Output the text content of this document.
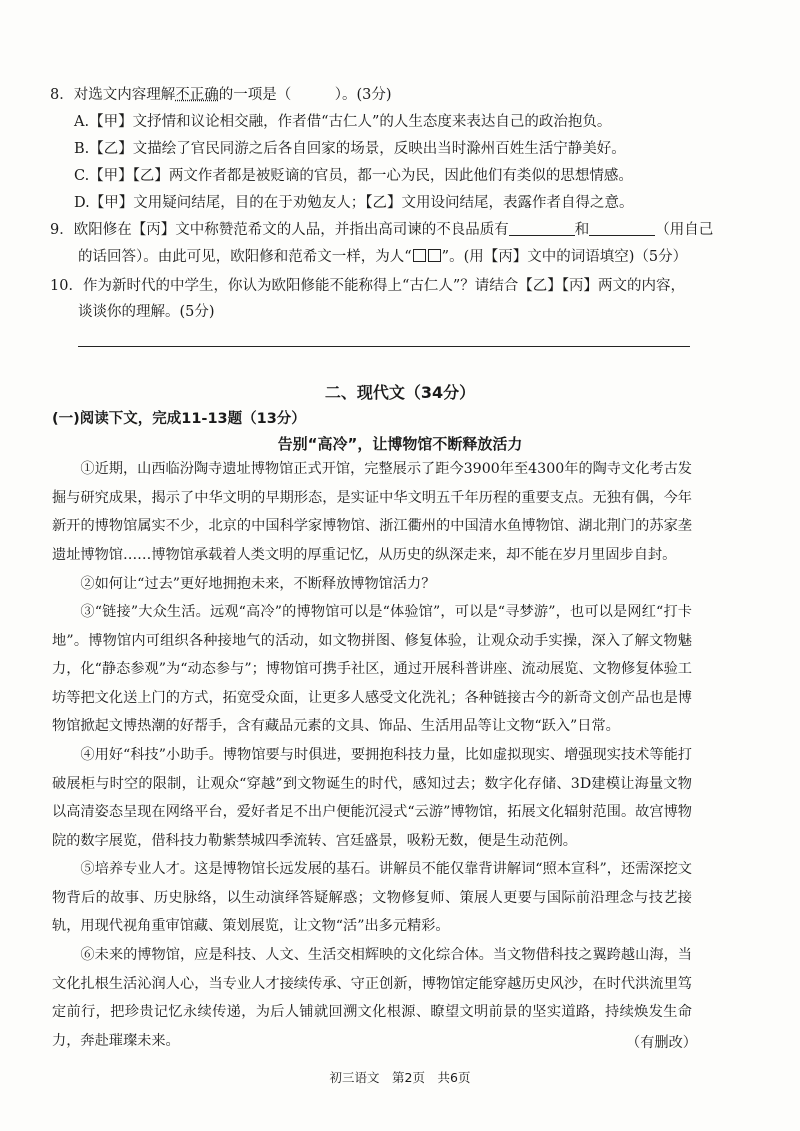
8．对选文内容理解不正确的一项是（　　　）。(3分)
A.【甲】文抒情和议论相交融，作者借“古仁人”的人生态度来表达自己的政治抱负。
B.【乙】文描绘了官民同游之后各自回家的场景，反映出当时滁州百姓生活宁静美好。
C.【甲】【乙】两文作者都是被贬谪的官员，都一心为民，因此他们有类似的思想情感。
D.【甲】文用疑问结尾，目的在于劝勉友人；【乙】文用设问结尾，表露作者自得之意。
9．欧阳修在【丙】文中称赞范希文的人品，并指出高司谏的不良品质有	和	（用自己
的话回答）。由此可见，欧阳修和范希文一样，为人“ ”。(用【丙】文中的词语填空)（5分）
10．作为新时代的中学生，你认为欧阳修能不能称得上“古仁人”？请结合【乙】【丙】两文的内容，
谈谈你的理解。(5分)
二、现代文（34分）
(一)阅读下文，完成11-13题（13分）
告别“高冷”，让博物馆不断释放活力
①近期，山西临汾陶寺遗址博物馆正式开馆，完整展示了距今3900年至4300年的陶寺文化考古发掘与研究成果，揭示了中华文明的早期形态，是实证中华文明五千年历程的重要支点。无独有偶，今年新开的博物馆属实不少，北京的中国科学家博物馆、浙江衢州的中国清水鱼博物馆、湖北荆门的苏家垄遗址博物馆……博物馆承载着人类文明的厚重记忆，从历史的纵深走来，却不能在岁月里固步自封。
②如何让“过去”更好地拥抱未来，不断释放博物馆活力？
③“链接”大众生活。远观“高冷”的博物馆可以是“体验馆”，可以是“寻梦游”，也可以是网红“打卡地”。博物馆内可组织各种接地气的活动，如文物拼图、修复体验，让观众动手实操，深入了解文物魅力，化“静态参观”为“动态参与”；博物馆可携手社区，通过开展科普讲座、流动展览、文物修复体验工坊等把文化送上门的方式，拓宽受众面，让更多人感受文化洗礼；各种链接古今的新奇文创产品也是博物馆掀起文博热潮的好帮手，含有藏品元素的文具、饰品、生活用品等让文物“跃入”日常。
④用好“科技”小助手。博物馆要与时俱进，要拥抱科技力量，比如虚拟现实、增强现实技术等能打破展柜与时空的限制，让观众“穿越”到文物诞生的时代，感知过去；数字化存储、3D建模让海量文物以高清姿态呈现在网络平台，爱好者足不出户便能沉浸式“云游”博物馆，拓展文化辐射范围。故宫博物院的数字展览，借科技力勒紫禁城四季流转、宫廷盛景，吸粉无数，便是生动范例。
⑤培养专业人才。这是博物馆长远发展的基石。讲解员不能仅靠背讲解词“照本宣科”，还需深挖文物背后的故事、历史脉络，以生动演绎答疑解惑；文物修复师、策展人更要与国际前沿理念与技艺接轨，用现代视角重审馆藏、策划展览，让文物“活”出多元精彩。
⑥未来的博物馆，应是科技、人文、生活交相辉映的文化综合体。当文物借科技之翼跨越山海，当文化扎根生活沁润人心，当专业人才接续传承、守正创新，博物馆定能穿越历史风沙，在时代洪流里笃定前行，把珍贵记忆永续传递，为后人铺就回溯文化根源、瞭望文明前景的坚实道路，持续焕发生命力，奔赴璀璨未来。	（有删改）
初三语文　第2页　共6页
